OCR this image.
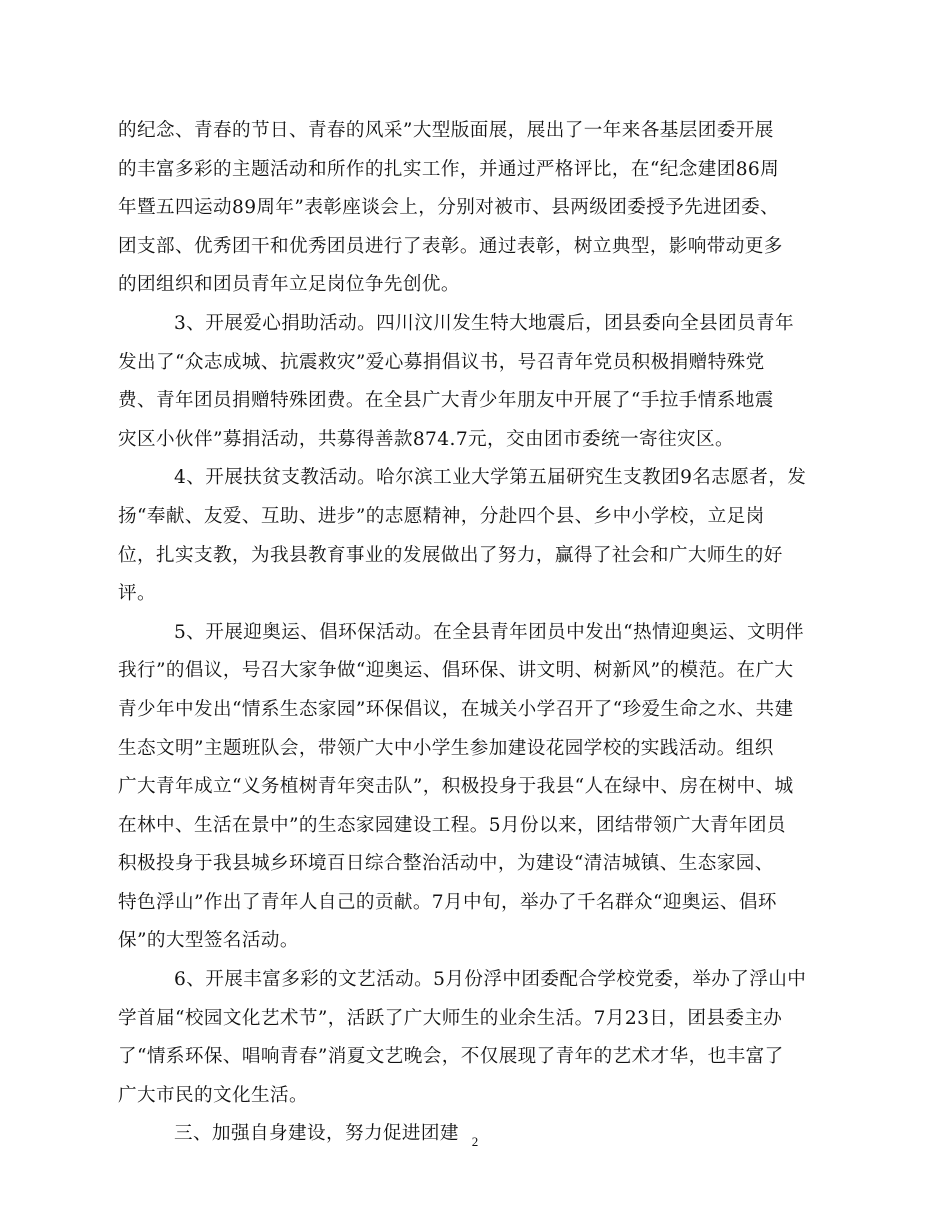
的纪念、青春的节日、青春的风采”大型版面展，展出了一年来各基层团委开展
的丰富多彩的主题活动和所作的扎实工作，并通过严格评比，在“纪念建团86周
年暨五四运动89周年”表彰座谈会上，分别对被市、县两级团委授予先进团委、
团支部、优秀团干和优秀团员进行了表彰。通过表彰，树立典型，影响带动更多
的团组织和团员青年立足岗位争先创优。
3、开展爱心捐助活动。四川汶川发生特大地震后，团县委向全县团员青年
发出了“众志成城、抗震救灾”爱心募捐倡议书，号召青年党员积极捐赠特殊党
费、青年团员捐赠特殊团费。在全县广大青少年朋友中开展了“手拉手情系地震
灾区小伙伴”募捐活动，共募得善款874.7元，交由团市委统一寄往灾区。
4、开展扶贫支教活动。哈尔滨工业大学第五届研究生支教团9名志愿者，发
扬“奉献、友爱、互助、进步”的志愿精神，分赴四个县、乡中小学校，立足岗
位，扎实支教，为我县教育事业的发展做出了努力，赢得了社会和广大师生的好
评。
5、开展迎奥运、倡环保活动。在全县青年团员中发出“热情迎奥运、文明伴
我行”的倡议，号召大家争做“迎奥运、倡环保、讲文明、树新风”的模范。在广大
青少年中发出“情系生态家园”环保倡议，在城关小学召开了“珍爱生命之水、共建
生态文明”主题班队会，带领广大中小学生参加建设花园学校的实践活动。组织
广大青年成立“义务植树青年突击队”，积极投身于我县“人在绿中、房在树中、城
在林中、生活在景中”的生态家园建设工程。5月份以来，团结带领广大青年团员
积极投身于我县城乡环境百日综合整治活动中，为建设“清洁城镇、生态家园、
特色浮山”作出了青年人自己的贡献。7月中旬，举办了千名群众“迎奥运、倡环
保”的大型签名活动。
6、开展丰富多彩的文艺活动。5月份浮中团委配合学校党委，举办了浮山中
学首届“校园文化艺术节”，活跃了广大师生的业余生活。7月23日，团县委主办
了“情系环保、唱响青春”消夏文艺晚会，不仅展现了青年的艺术才华，也丰富了
广大市民的文化生活。
三、加强自身建设，努力促进团建 2
